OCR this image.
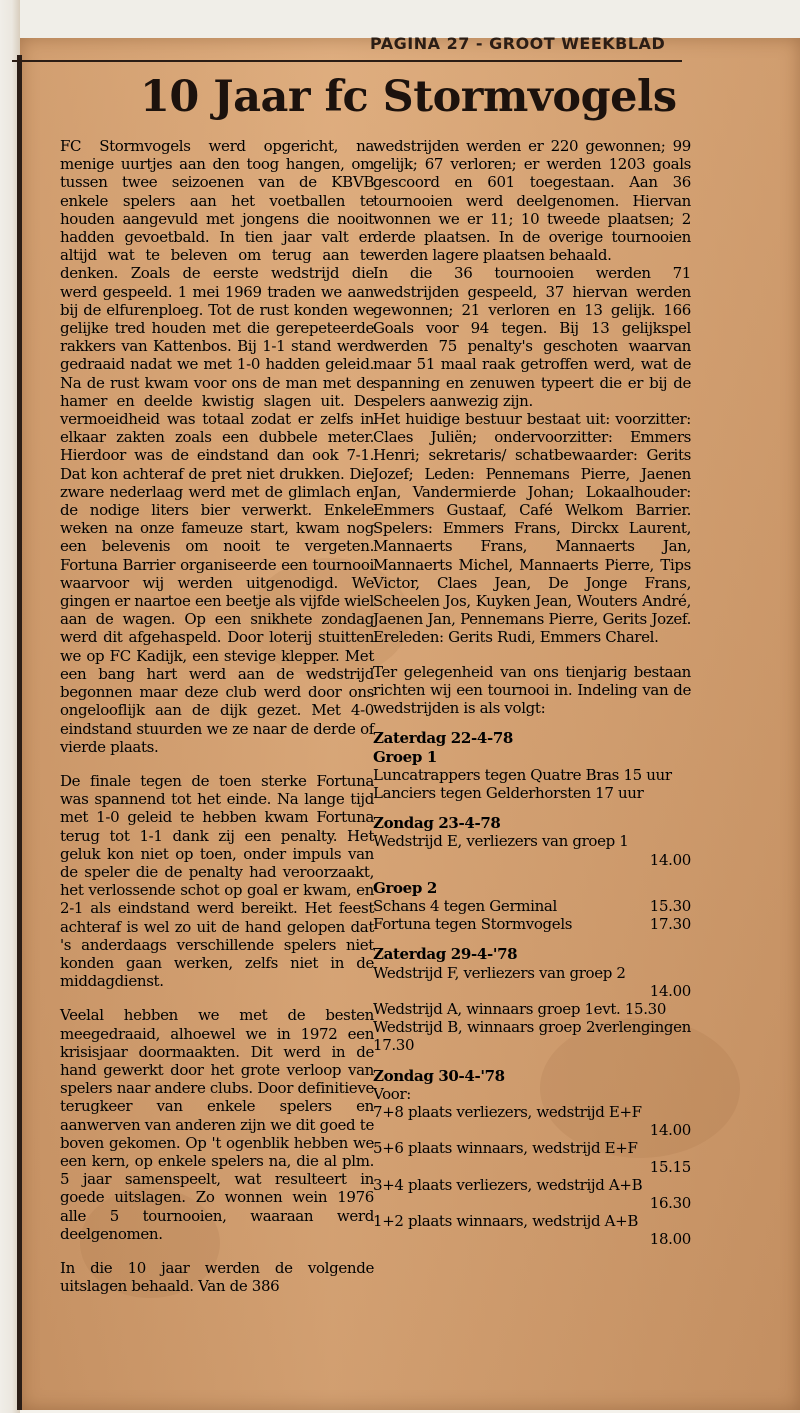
PAGINA 27 - GROOT WEEKBLAD
10 Jaar fc Stormvogels

FC Stormvogels werd opgericht, na menige uurtjes aan den toog hangen, om tussen twee seizoenen van de KBVB enkele spelers aan het voetballen te houden aangevuld met jongens die nooit hadden gevoetbald. In tien jaar valt er altijd wat te beleven om terug aan te denken. Zoals de eerste wedstrijd die werd gespeeld. 1 mei 1969 traden we aan bij de elfurenploeg. Tot de rust konden we gelijke tred houden met die gerepeteerde rakkers van Kattenbos. Bij 1-1 stand werd gedraaid nadat we met 1-0 hadden geleid. Na de rust kwam voor ons de man met de hamer en deelde kwistig slagen uit. De vermoeidheid was totaal zodat er zelfs in elkaar zakten zoals een dubbele meter. Hierdoor was de eindstand dan ook 7-1. Dat kon achteraf de pret niet drukken. Die zware nederlaag werd met de glimlach en de nodige liters bier verwerkt. Enkele weken na onze fameuze start, kwam nog een belevenis om nooit te vergeten. Fortuna Barrier organiseerde een tournooi waarvoor wij werden uitgenodigd. We gingen er naartoe een beetje als vijfde wiel aan de wagen. Op een snikhete zondag werd dit afgehaspeld. Door loterij stuitten we op FC Kadijk, een stevige klepper. Met een bang hart werd aan de wedstrijd begonnen maar deze club werd door ons ongelooflijk aan de dijk gezet. Met 4-0 eindstand stuurden we ze naar de derde of vierde plaats.

De finale tegen de toen sterke Fortuna was spannend tot het einde. Na lange tijd met 1-0 geleid te hebben kwam Fortuna terug tot 1-1 dank zij een penalty. Het geluk kon niet op toen, onder impuls van de speler die de penalty had veroorzaakt, het verlossende schot op goal er kwam, en 2-1 als eindstand werd bereikt. Het feest achteraf is wel zo uit de hand gelopen dat 's anderdaags verschillende spelers niet konden gaan werken, zelfs niet in de middagdienst.

Veelal hebben we met de besten meegedraaid, alhoewel we in 1972 een krisisjaar doormaakten. Dit werd in de hand gewerkt door het grote verloop van spelers naar andere clubs. Door definitieve terugkeer van enkele spelers en aanwerven van anderen zijn we dit goed te boven gekomen. Op 't ogenblik hebben we een kern, op enkele spelers na, die al plm. 5 jaar samenspeelt, wat resulteert in goede uitslagen. Zo wonnen wein 1976 alle 5 tournooien, waaraan werd deelgenomen.

In die 10 jaar werden de volgende uitslagen behaald. Van de 386

wedstrijden werden er 220 gewonnen; 99 gelijk; 67 verloren; er werden 1203 goals gescoord en 601 toegestaan. Aan 36 tournooien werd deelgenomen. Hiervan wonnen we er 11; 10 tweede plaatsen; 2 derde plaatsen. In de overige tournooien werden lagere plaatsen behaald.

In die 36 tournooien werden 71 wedstrijden gespeeld, 37 hiervan werden gewonnen; 21 verloren en 13 gelijk. 166 Goals voor 94 tegen. Bij 13 gelijkspel werden 75 penalty's geschoten waarvan maar 51 maal raak getroffen werd, wat de spanning en zenuwen typeert die er bij de spelers aanwezig zijn.

Het huidige bestuur bestaat uit: voorzitter: Claes Juliën; ondervoorzitter: Emmers Henri; sekretaris/ schatbewaarder: Gerits Jozef; Leden: Pennemans Pierre, Jaenen Jan, Vandermierde Johan; Lokaalhouder: Emmers Gustaaf, Café Welkom Barrier. Spelers: Emmers Frans, Dirckx Laurent, Mannaerts Frans, Mannaerts Jan, Mannaerts Michel, Mannaerts Pierre, Tips Victor, Claes Jean, De Jonge Frans, Scheelen Jos, Kuyken Jean, Wouters André, Jaenen Jan, Pennemans Pierre, Gerits Jozef. Ereleden: Gerits Rudi, Emmers Charel.

Ter gelegenheid van ons tienjarig bestaan richten wij een tournooi in. Indeling van de wedstrijden is als volgt:

Zaterdag 22-4-78
Groep 1
Luncatrappers tegen Quatre Bras 15 uur
Lanciers tegen Gelderhorsten 17 uur
Zondag 23-4-78
Wedstrijd E, verliezers van groep 1
14.00
Groep 2
Schans 4 tegen Germinal	15.30
Fortuna tegen Stormvogels	17.30
Zaterdag 29-4-'78
Wedstrijd F, verliezers van groep 2
14.00
Wedstrijd A, winnaars groep 1evt. 15.30
Wedstrijd B, winnaars groep 2verlengingen 17.30
Zondag 30-4-'78
Voor:
7+8 plaats verliezers, wedstrijd E+F
14.00
5+6 plaats winnaars, wedstrijd E+F
15.15
3+4 plaats verliezers, wedstrijd A+B
16.30
1+2 plaats winnaars, wedstrijd A+B
18.00
